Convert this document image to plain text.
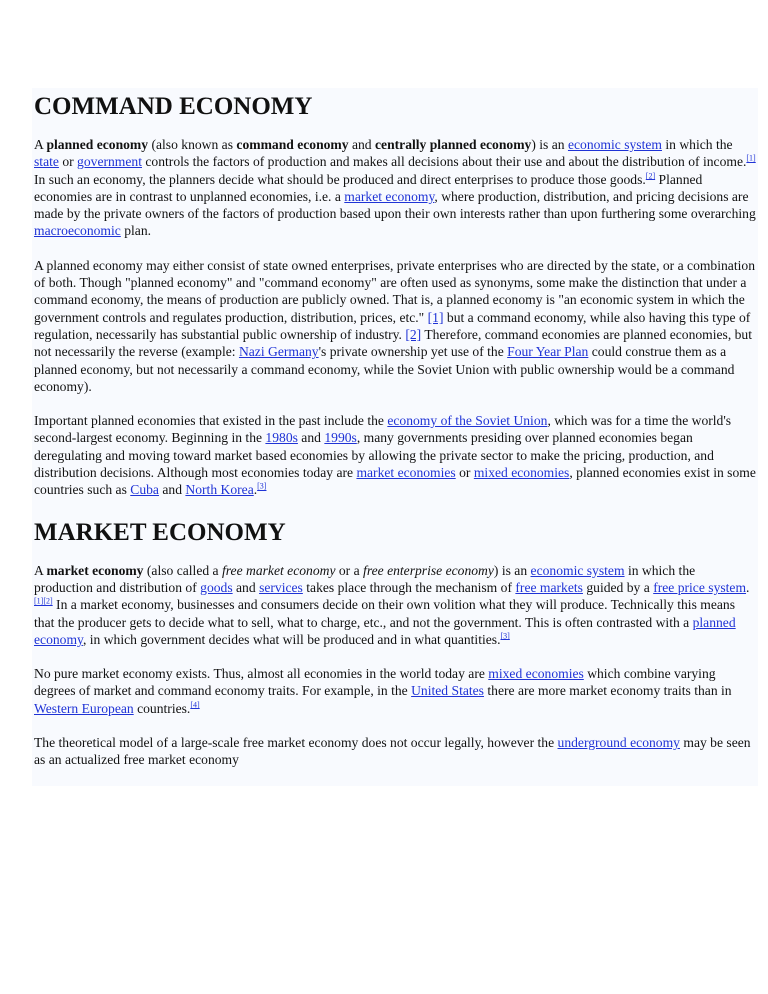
COMMAND ECONOMY

A planned economy (also known as command economy and centrally planned economy) is an economic system in which the state or government controls the factors of production and makes all decisions about their use and about the distribution of income.[1] In such an economy, the planners decide what should be produced and direct enterprises to produce those goods.[2] Planned economies are in contrast to unplanned economies, i.e. a market economy, where production, distribution, and pricing decisions are made by the private owners of the factors of production based upon their own interests rather than upon furthering some overarching macroeconomic plan.

A planned economy may either consist of state owned enterprises, private enterprises who are directed by the state, or a combination of both. Though "planned economy" and "command economy" are often used as synonyms, some make the distinction that under a command economy, the means of production are publicly owned. That is, a planned economy is "an economic system in which the government controls and regulates production, distribution, prices, etc." [1] but a command economy, while also having this type of regulation, necessarily has substantial public ownership of industry. [2] Therefore, command economies are planned economies, but not necessarily the reverse (example: Nazi Germany's private ownership yet use of the Four Year Plan could construe them as a planned economy, but not necessarily a command economy, while the Soviet Union with public ownership would be a command economy).

Important planned economies that existed in the past include the economy of the Soviet Union, which was for a time the world's second-largest economy. Beginning in the 1980s and 1990s, many governments presiding over planned economies began deregulating and moving toward market based economies by allowing the private sector to make the pricing, production, and distribution decisions. Although most economies today are market economies or mixed economies, planned economies exist in some countries such as Cuba and North Korea.[3]

MARKET ECONOMY

A market economy (also called a free market economy or a free enterprise economy) is an economic system in which the production and distribution of goods and services takes place through the mechanism of free markets guided by a free price system.[1][2] In a market economy, businesses and consumers decide on their own volition what they will produce. Technically this means that the producer gets to decide what to sell, what to charge, etc., and not the government. This is often contrasted with a planned economy, in which government decides what will be produced and in what quantities.[3]

No pure market economy exists. Thus, almost all economies in the world today are mixed economies which combine varying degrees of market and command economy traits. For example, in the United States there are more market economy traits than in Western European countries.[4]

The theoretical model of a large-scale free market economy does not occur legally, however the underground economy may be seen as an actualized free market economy
